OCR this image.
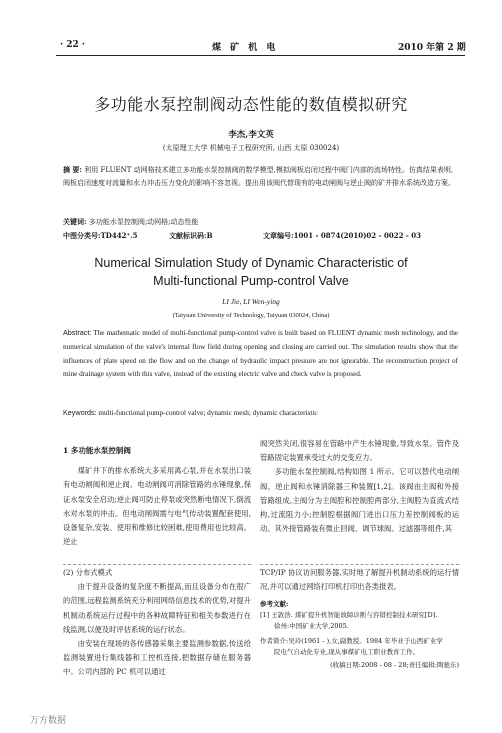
· 22 ·	煤 矿 机 电	2010 年第 2 期
多功能水泵控制阀动态性能的数值模拟研究
李杰,李文英
(太原理工大学 机械电子工程研究所, 山西 太原 030024)
摘 要: 利用 FLUENT 动网格技术建立多功能水泵控制阀的数学模型,模拟阀板启闭过程中阀门内部的流场特性。仿真结果表明,阀板启闭速度对流量和水力冲击压力变化的影响不容忽视。提出用该阀代替现有的电动闸阀与逆止阀的矿井排水系统改造方案。
关键词: 多功能水泵控制阀;动网格;动态性能
中图分类号:TD442⁺.5	文献标识码:B	文章编号:1001 - 0874(2010)02 - 0022 - 03
Numerical Simulation Study of Dynamic Characteristic of
Multi-functional Pump-control Valve
LI Jie, LI Wen-ying
(Taiyuan University of Technology, Taiyuan 030024, China)
Abstract: The mathematic model of multi-functional pump-control valve is built based on FLUENT dynamic mesh technology, and the numerical simulation of the valve's internal flow field during opening and closing are carried out. The simulation results show that the influences of plate speed on the flow and on the change of hydraulic impact pressure are not ignorable. The reconstruction project of mine drainage system with this valve, instead of the existing electric valve and check valve is proposed.
Keywords: multi-functional pump-control valve; dynamic mesh; dynamic characteristic

1 多功能水泵控制阀

煤矿井下的排水系统大多采用离心泵,并在水泵出口装有电动闸阀和逆止阀。电动闸阀可消除管路的水锤现象,保证水泵安全启动;逆止阀可防止停泵或突然断电情况下,倒流水对水泵的冲击。但电动闸阀需与电气传动装置配套使用,设备复杂,安装、使用和维修比较困难,使用费用也比较高。逆止

(2) 分布式模式

由于提升设备的复杂度不断提高,而且设备分布在很广的范围,远程监测系统充分利用网络信息技术的优势,对提升机制动系统运行过程中的各种故障特征和相关参数进行在线监测,以便及时评估系统的运行状态。

由安装在现场的各传感器采集主要监测参数据,传送给监测装置进行集线器和工控机连接,把数据存储在服务器中。公司内部的 PC 机可以通过

阀突然关闭,很容易在管路中产生水锤现象,导致水泵、管件及管路固定装置承受过大的交变应力。

多功能水泵控制阀,结构如图 1 所示。它可以替代电动闸阀、逆止阀和水锤消除器三种装置[1,2]。该阀由主阀和外接管路组成,主阀分为主阀腔和控制腔两部分,主阀腔为直流式结构,过流阻力小;控制腔根据阀门进出口压力差控制阀板的运动。其外接管路装有微止回阀、调节球阀、过滤器等组件,其

TCP/IP 协议访问服务器,实时地了解提升机制动系统的运行情况,并可以通过网络打印机打印出各类报表。

参考文献:
[1] 王敦浩. 煤矿提升机智能故障诊断与容错控制技术研究[D].
徐州:中国矿业大学,2005.
作者简介:吴玲(1961 - ),女,副教授。1984 年毕业于山西矿业学
院电气自动化专业,现从事煤矿电工职业教育工作。
(收稿日期:2008 - 08 - 28;责任编辑:陶驰东)
万方数据
